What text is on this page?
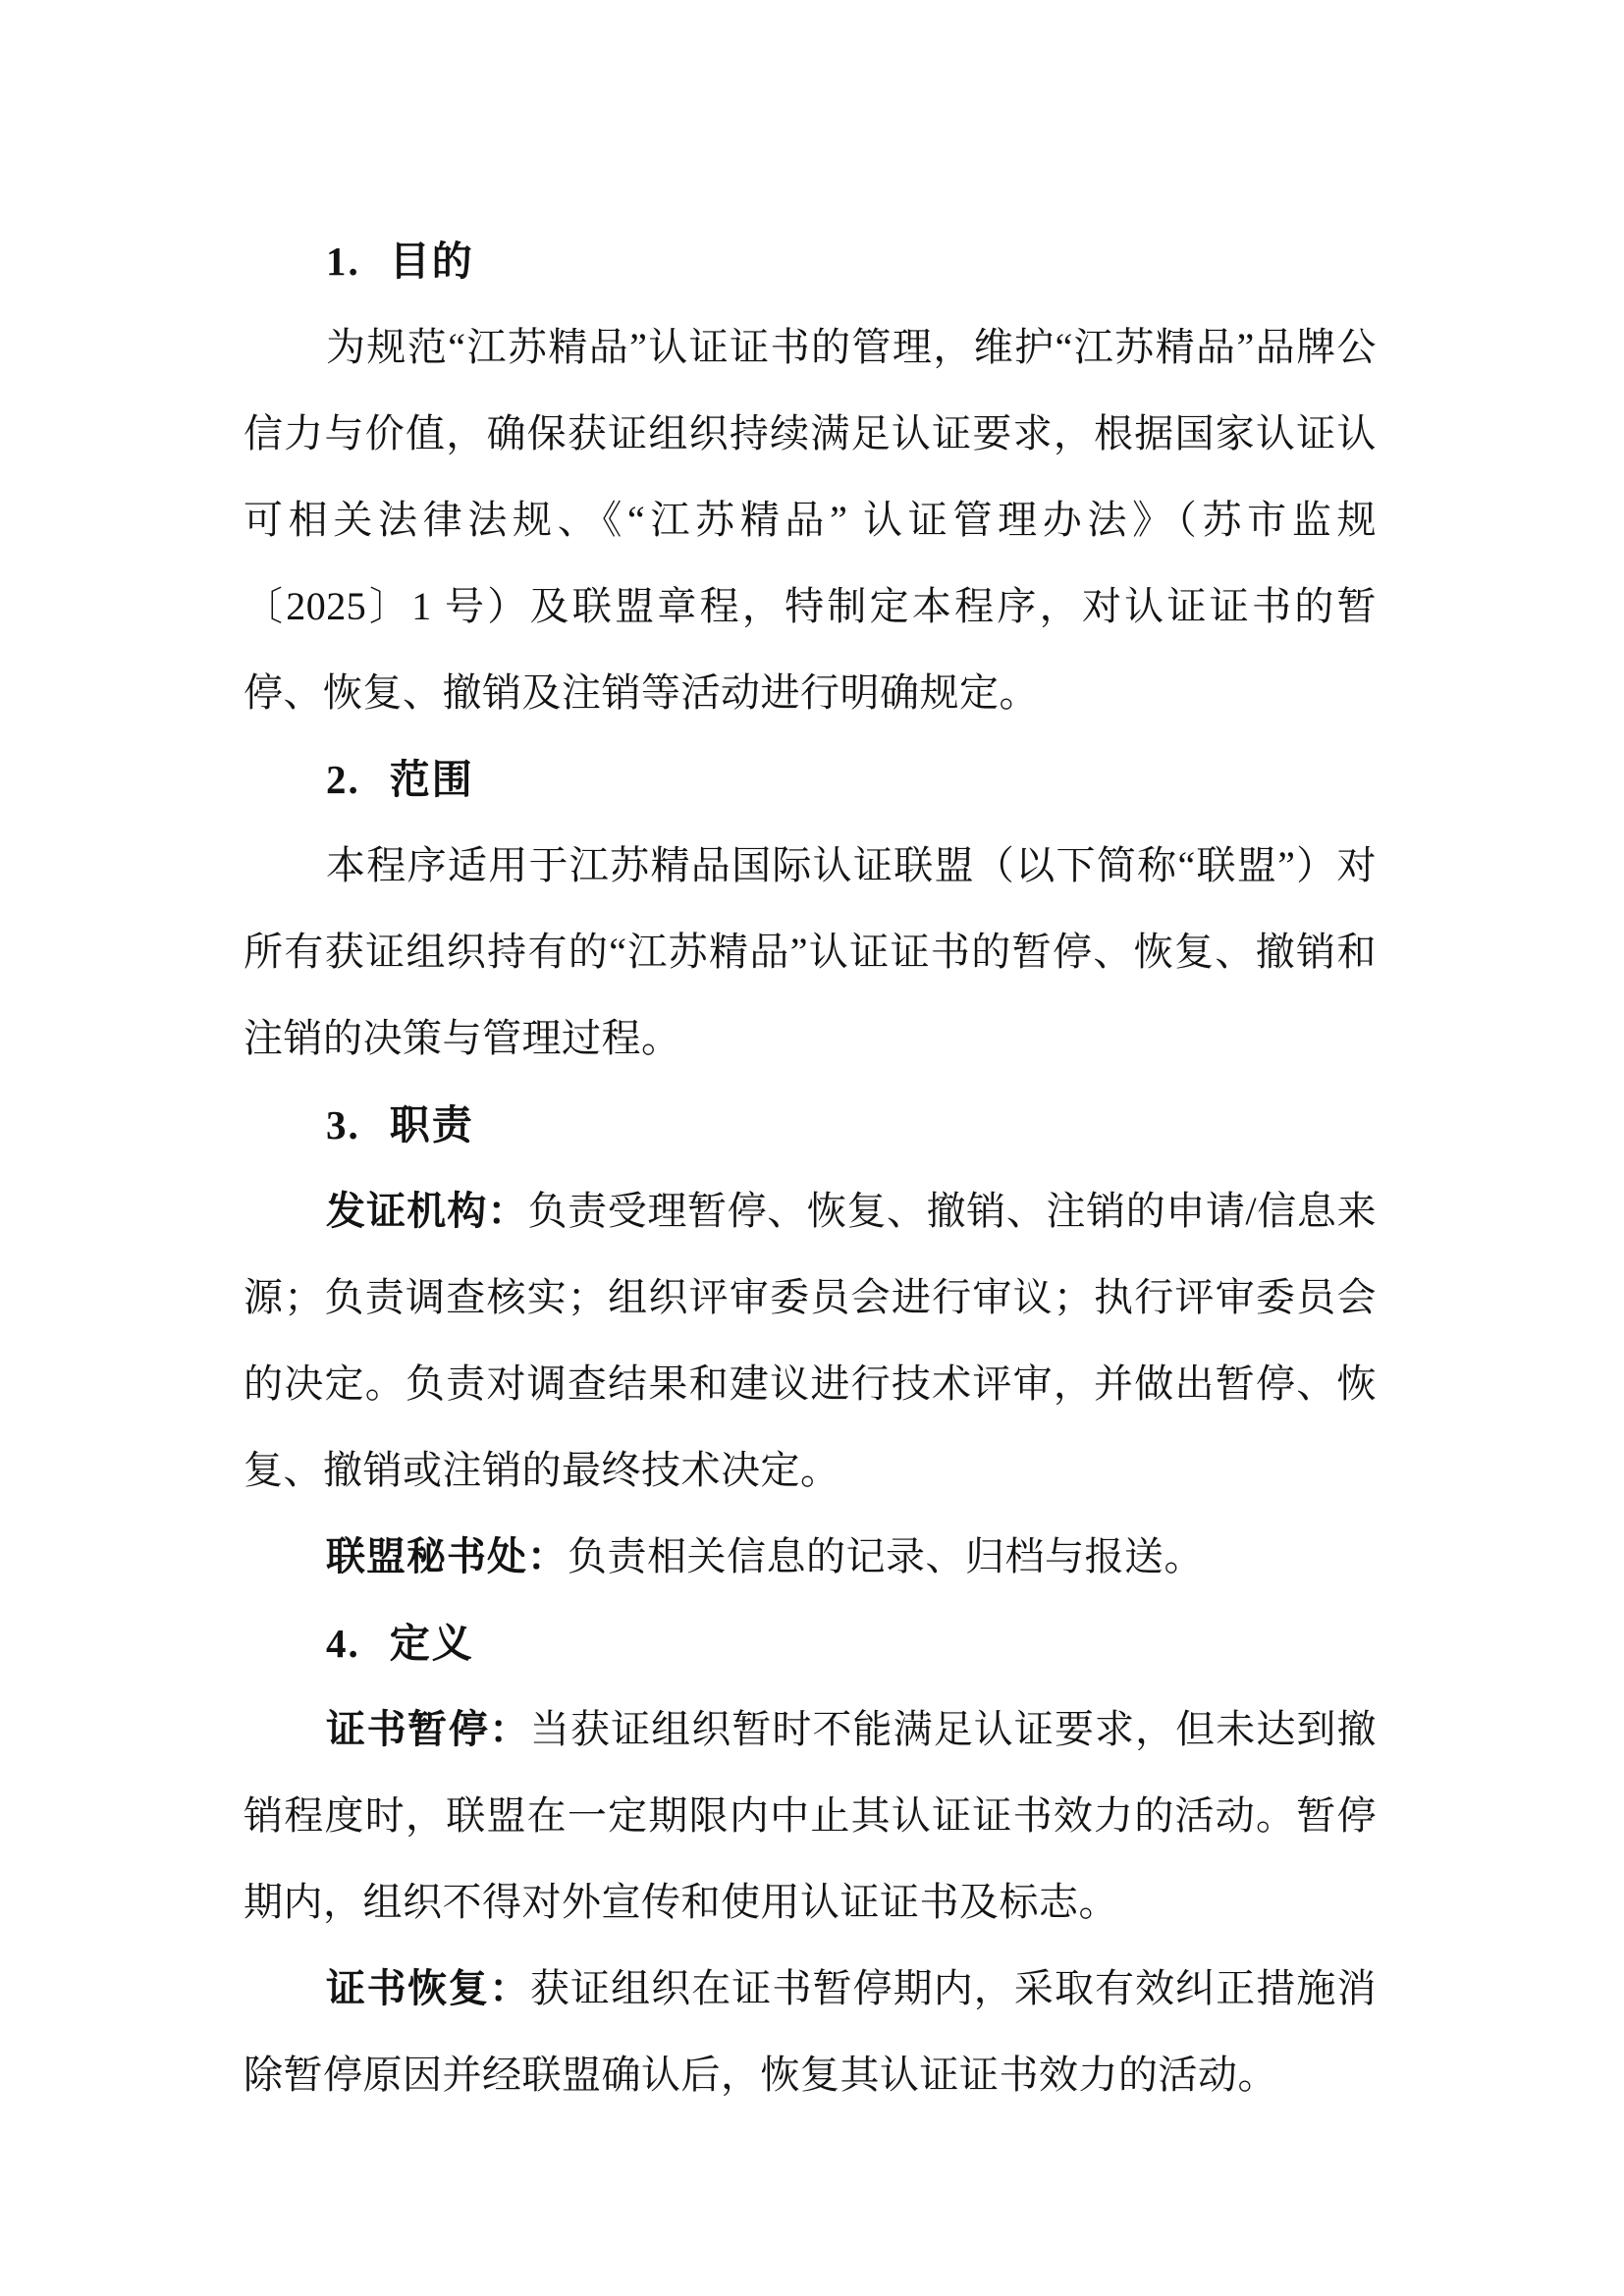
1. 目的

为规范“江苏精品”认证证书的管理，维护“江苏精品”品牌公信力与价值，确保获证组织持续满足认证要求，根据国家认证认可相关法律法规、《“江苏精品” 认证管理办法》（苏市监规〔2025〕1 号）及联盟章程，特制定本程序，对认证证书的暂停、恢复、撤销及注销等活动进行明确规定。

2. 范围

本程序适用于江苏精品国际认证联盟（以下简称“联盟”）对所有获证组织持有的“江苏精品”认证证书的暂停、恢复、撤销和注销的决策与管理过程。

3. 职责

发证机构：负责受理暂停、恢复、撤销、注销的申请/信息来源；负责调查核实；组织评审委员会进行审议；执行评审委员会的决定。负责对调查结果和建议进行技术评审，并做出暂停、恢复、撤销或注销的最终技术决定。

联盟秘书处：负责相关信息的记录、归档与报送。

4. 定义

证书暂停：当获证组织暂时不能满足认证要求，但未达到撤销程度时，联盟在一定期限内中止其认证证书效力的活动。暂停期内，组织不得对外宣传和使用认证证书及标志。

证书恢复：获证组织在证书暂停期内，采取有效纠正措施消除暂停原因并经联盟确认后，恢复其认证证书效力的活动。
